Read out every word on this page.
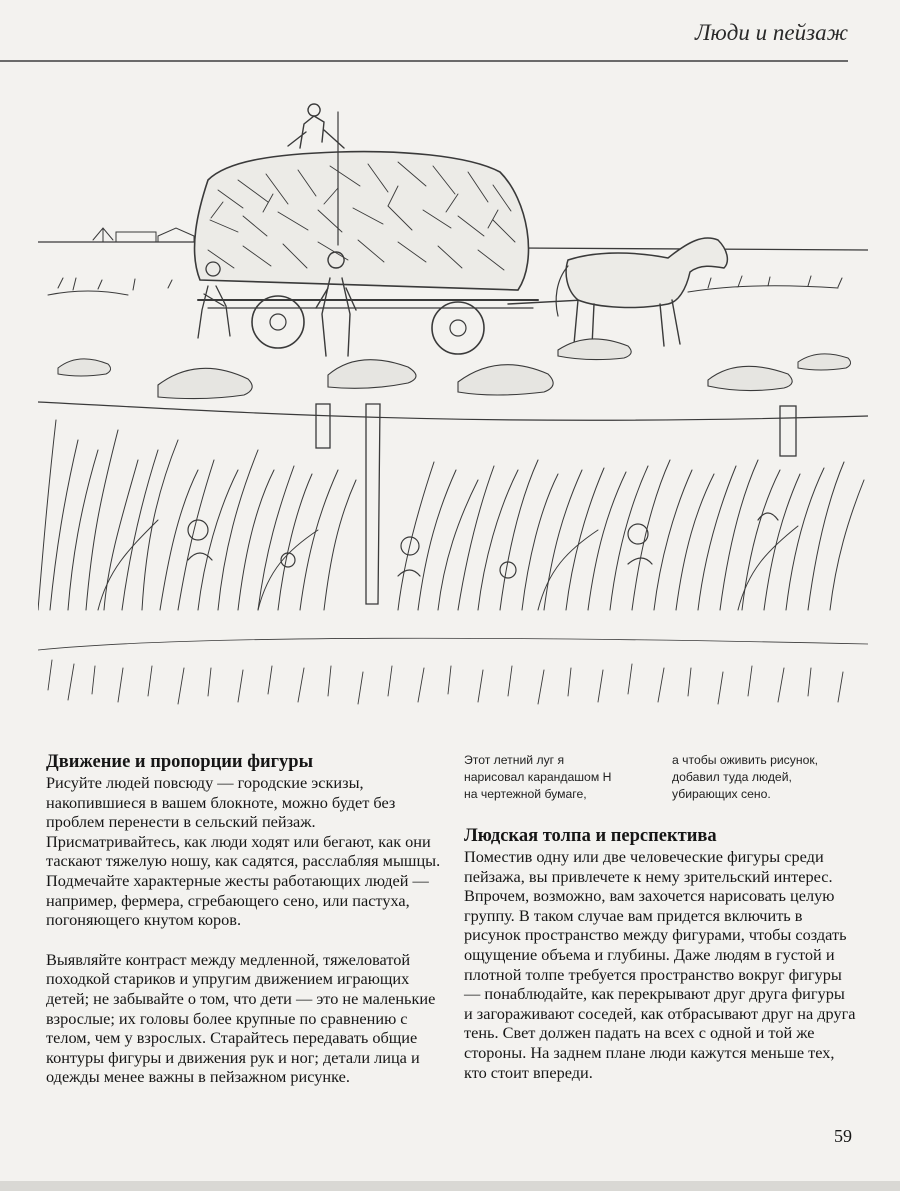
Люди и пейзаж
Этот летний луг я
нарисовал карандашом Н
на чертежной бумаге,
а чтобы оживить рисунок,
добавил туда людей,
убирающих сено.
Движение и пропорции фигуры

Рисуйте людей повсюду — городские эскизы, накопившиеся в вашем блокноте, можно будет без проблем перенести в сельский пейзаж. Присматривайтесь, как люди ходят или бегают, как они таскают тяжелую ношу, как садятся, расслабляя мышцы. Подмечайте характерные жесты работающих людей — например, фермера, сгребающего сено, или пастуха, погоняющего кнутом коров.

Выявляйте контраст между медленной, тяжеловатой походкой стариков и упругим движением играющих детей; не забывайте о том, что дети — это не маленькие взрослые; их головы более крупные по сравнению с телом, чем у взрослых. Старайтесь передавать общие контуры фигуры и движения рук и ног; детали лица и одежды менее важны в пейзажном рисунке.

Людская толпа и перспектива

Поместив одну или две человеческие фигуры среди пейзажа, вы привлечете к нему зрительский интерес. Впрочем, возможно, вам захочется нарисовать целую группу. В таком случае вам придется включить в рисунок пространство между фигурами, чтобы создать ощущение объема и глубины. Даже людям в густой и плотной толпе требуется пространство вокруг фигуры — понаблюдайте, как перекрывают друг друга фигуры и загораживают соседей, как отбрасывают друг на друга тень. Свет должен падать на всех с одной и той же стороны. На заднем плане люди кажутся меньше тех, кто стоит впереди.

59
